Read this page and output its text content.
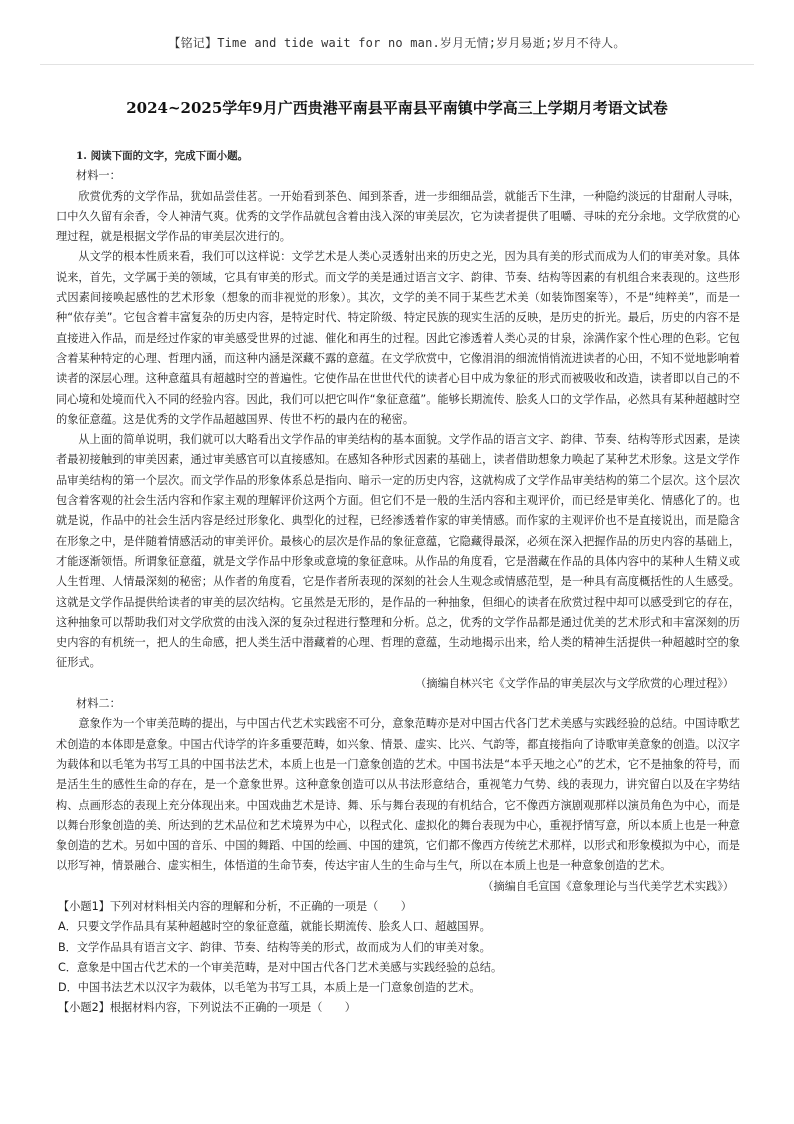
【铭记】Time and tide wait for no man.岁月无情;岁月易逝;岁月不待人。
2024~2025学年9月广西贵港平南县平南县平南镇中学高三上学期月考语文试卷

1. 阅读下面的文字，完成下面小题。

材料一：

欣赏优秀的文学作品，犹如品尝佳茗。一开始看到茶色、闻到茶香，进一步细细品尝，就能舌下生津，一种隐约淡远的甘甜耐人寻味，口中久久留有余香，令人神清气爽。优秀的文学作品就包含着由浅入深的审美层次，它为读者提供了咀嚼、寻味的充分余地。文学欣赏的心理过程，就是根据文学作品的审美层次进行的。

从文学的根本性质来看，我们可以这样说：文学艺术是人类心灵透射出来的历史之光，因为具有美的形式而成为人们的审美对象。具体说来，首先，文学属于美的领域，它具有审美的形式。而文学的美是通过语言文字、韵律、节奏、结构等因素的有机组合来表现的。这些形式因素间接唤起感性的艺术形象（想象的而非视觉的形象）。其次，文学的美不同于某些艺术美（如装饰图案等），不是“纯粹美”，而是一种“依存美”。它包含着丰富复杂的历史内容，是特定时代、特定阶级、特定民族的现实生活的反映，是历史的折光。最后，历史的内容不是直接进入作品，而是经过作家的审美感受世界的过滤、催化和再生的过程。因此它渗透着人类心灵的甘泉，涂满作家个性心理的色彩。它包含着某种特定的心理、哲理内涵，而这种内涵是深藏不露的意蕴。在文学欣赏中，它像涓涓的细流悄悄流进读者的心田，不知不觉地影响着读者的深层心理。这种意蕴具有超越时空的普遍性。它使作品在世世代代的读者心目中成为象征的形式而被吸收和改造，读者即以自己的不同心境和处境而代入不同的经验内容。因此，我们可以把它叫作“象征意蕴”。能够长期流传、脍炙人口的文学作品，必然具有某种超越时空的象征意蕴。这是优秀的文学作品超越国界、传世不朽的最内在的秘密。

从上面的简单说明，我们就可以大略看出文学作品的审美结构的基本面貌。文学作品的语言文字、韵律、节奏、结构等形式因素，是读者最初接触到的审美因素，通过审美感官可以直接感知。在感知各种形式因素的基础上，读者借助想象力唤起了某种艺术形象。这是文学作品审美结构的第一个层次。而文学作品的形象体系总是指向、暗示一定的历史内容，这就构成了文学作品审美结构的第二个层次。这个层次包含着客观的社会生活内容和作家主观的理解评价这两个方面。但它们不是一般的生活内容和主观评价，而已经是审美化、情感化了的。也就是说，作品中的社会生活内容是经过形象化、典型化的过程，已经渗透着作家的审美情感。而作家的主观评价也不是直接说出，而是隐含在形象之中，是伴随着情感活动的审美评价。最核心的层次是作品的象征意蕴，它隐藏得最深，必须在深入把握作品的历史内容的基础上，才能逐渐领悟。所谓象征意蕴，就是文学作品中形象或意境的象征意味。从作品的角度看，它是潜藏在作品的具体内容中的某种人生精义或人生哲理、人情最深刻的秘密；从作者的角度看，它是作者所表现的深刻的社会人生观念或情感范型，是一种具有高度概括性的人生感受。这就是文学作品提供给读者的审美的层次结构。它虽然是无形的，是作品的一种抽象，但细心的读者在欣赏过程中却可以感受到它的存在，这种抽象可以帮助我们对文学欣赏的由浅入深的复杂过程进行整理和分析。总之，优秀的文学作品都是通过优美的艺术形式和丰富深刻的历史内容的有机统一，把人的生命感，把人类生活中潜藏着的心理、哲理的意蕴，生动地揭示出来，给人类的精神生活提供一种超越时空的象征形式。

（摘编自林兴宅《文学作品的审美层次与文学欣赏的心理过程》）

材料二：

意象作为一个审美范畴的提出，与中国古代艺术实践密不可分，意象范畴亦是对中国古代各门艺术美感与实践经验的总结。中国诗歌艺术创造的本体即是意象。中国古代诗学的许多重要范畴，如兴象、情景、虚实、比兴、气韵等，都直接指向了诗歌审美意象的创造。以汉字为载体和以毛笔为书写工具的中国书法艺术，本质上也是一门意象创造的艺术。中国书法是“本乎天地之心”的艺术，它不是抽象的符号，而是活生生的感性生命的存在，是一个意象世界。这种意象创造可以从书法形意结合，重视笔力气势、线的表现力，讲究留白以及在字势结构、点画形态的表现上充分体现出来。中国戏曲艺术是诗、舞、乐与舞台表现的有机结合，它不像西方演剧观那样以演员角色为中心，而是以舞台形象创造的美、所达到的艺术品位和艺术境界为中心，以程式化、虚拟化的舞台表现为中心，重视抒情写意，所以本质上也是一种意象创造的艺术。另如中国的音乐、中国的舞蹈、中国的绘画、中国的建筑，它们都不像西方传统艺术那样，以形式和形象模拟为中心，而是以形写神，情景融合、虚实相生，体悟道的生命节奏，传达宇宙人生的生命与生气，所以在本质上也是一种意象创造的艺术。

（摘编自毛宣国《意象理论与当代美学艺术实践》）

【小题1】下列对材料相关内容的理解和分析，不正确的一项是（　　）

A．只要文学作品具有某种超越时空的象征意蕴，就能长期流传、脍炙人口、超越国界。

B．文学作品具有语言文字、韵律、节奏、结构等美的形式，故而成为人们的审美对象。

C．意象是中国古代艺术的一个审美范畴，是对中国古代各门艺术美感与实践经验的总结。

D．中国书法艺术以汉字为载体，以毛笔为书写工具，本质上是一门意象创造的艺术。

【小题2】根据材料内容，下列说法不正确的一项是（　　）
